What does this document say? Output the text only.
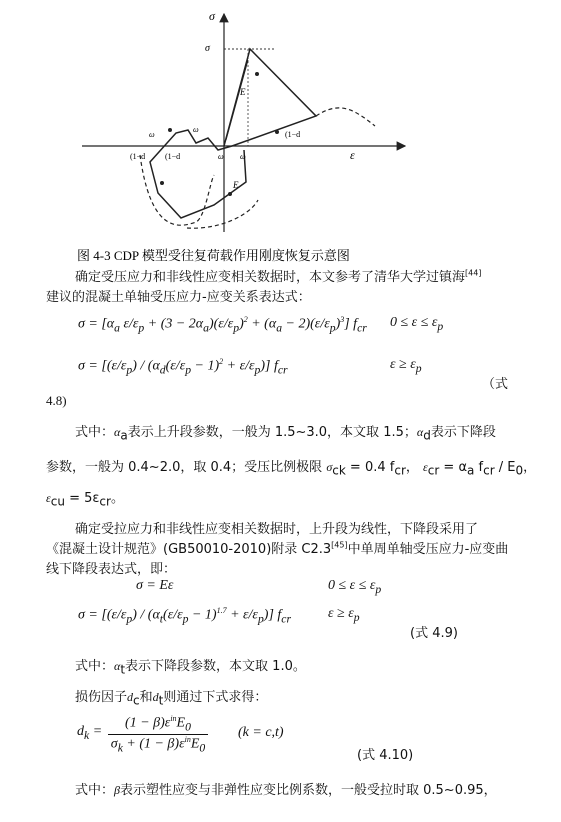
σ
ε
σ
E
E
(1−d
ω
ω
ω ω
(1−d (1−d
图 4-3 CDP 模型受往复荷载作用刚度恢复示意图
确定受压应力和非线性应变相关数据时，本文参考了清华大学过镇海[44]
建议的混凝土单轴受压应力-应变关系表达式：
$\sigma = [\alpha_a$ $\varepsilon/\varepsilon_p + (3 - 2\alpha_a)(\varepsilon/\varepsilon_p)^2 + (\alpha_a - 2)(\varepsilon/\varepsilon_p)^3$] $f_{cr}$ $0 \le \varepsilon \le \varepsilon_p$
$\sigma = [(\varepsilon/\varepsilon_p) / (\alpha_d(\varepsilon/\varepsilon_p - 1)^2 + \varepsilon/\varepsilon_p)]$ $f_{cr}$	$\varepsilon \ge \varepsilon_p$
（式
4.8)
式中：$\alpha_a$表示上升段参数，一般为 1.5~3.0，本文取 1.5；$\alpha_d$表示下降段
参数，一般为 0.4~2.0，取 0.4；受压比例极限 $\sigma_{ck} = 0.4$ $f_{cr}$， $\varepsilon_{cr} = \alpha_a$ $f_{cr} / E_0$，
$\varepsilon_{cu} = 5\varepsilon_{cr}$。
确定受拉应力和非线性应变相关数据时，上升段为线性，下降段采用了
《混凝土设计规范》(GB50010-2010)附录 C2.3[45]中单周单轴受压应力-应变曲
线下降段表达式，即：
σ = Eε	$0 \le \varepsilon \le \varepsilon_p$
$\sigma = [(\varepsilon/\varepsilon_p) / (\alpha_t(\varepsilon/\varepsilon_p - 1)^{1.7} + \varepsilon/\varepsilon_p)]$ $f_{cr}$	$\varepsilon \ge \varepsilon_p$
(式 4.9)
式中：$\alpha_t$表示下降段参数，本文取 1.0。
损伤因子$d_c$和$d_t$则通过下式求得：
$d_k$ =
$(1 - \beta)\varepsilon^{in}E_0$
$\sigma_k + (1 - \beta)\varepsilon^{in}E_0$
(k = c,t)
(式 4.10)
式中：β表示塑性应变与非弹性应变比例系数，一般受拉时取 0.5~0.95，
